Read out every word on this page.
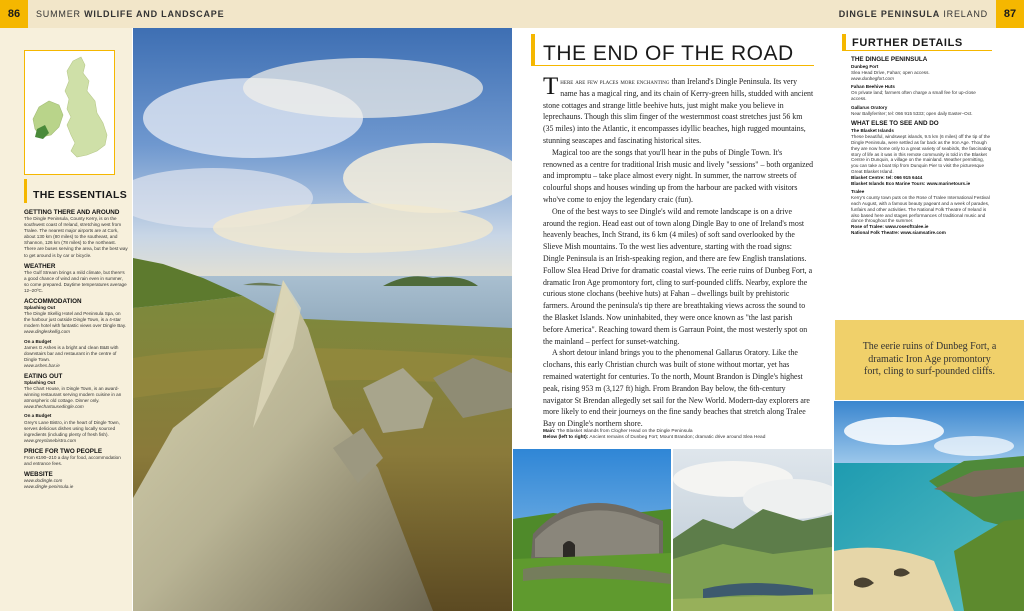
86	SUMMER WILDLIFE AND LANDSCAPE	DINGLE PENINSULA IRELAND	87
THE ESSENTIALS
GETTING THERE AND AROUND

The Dingle Peninsula, County Kerry, is on the southwest coast of Ireland, stretching west from Tralee. The nearest major airports are at Cork, about 130 km (80 miles) to the southeast, and Shannon, 126 km (78 miles) to the northeast. There are buses serving the area, but the best way to get around is by car or bicycle.

WEATHER

The Gulf Stream brings a mild climate, but there's a good chance of wind and rain even in summer, so come prepared. Daytime temperatures average 12–20ºC.

ACCOMMODATION
Splashing Out
The Dingle Skellig Hotel and Peninsula Spa, on the harbour just outside Dingle Town, is a 4-star modern hotel with fantastic views over Dingle Bay.

www.dingleskellig.com

On a Budget
James G Ashes is a bright and clean B&B with downstairs bar and restaurant in the centre of Dingle Town.

www.ashes.bar.ie

EATING OUT
Splashing Out
The Chart House, in Dingle Town, is an award-winning restaurant serving modern cuisine in an atmospheric old cottage. Dinner only.

www.thechartousedingle.com

On a Budget
Grey's Lane Bistro, in the heart of Dingle Town, serves delicious dishes using locally sourced ingredients (including plenty of fresh fish).

www.greyslanebistro.com

PRICE FOR TWO PEOPLE

From €190–210 a day for food, accommodation and entrance fees.

WEBSITE
www.dodingle.com
www.dingle-peninsula.ie
THE END OF THE ROAD

There are few places more enchanting than Ireland's Dingle Peninsula. Its very name has a magical ring, and its chain of Kerry-green hills, studded with ancient stone cottages and strange little beehive huts, just might make you believe in leprechauns. Though this slim finger of the westernmost coast stretches just 56 km (35 miles) into the Atlantic, it encompasses idyllic beaches, high rugged mountains, stunning seascapes and fascinating historical sites.

Magical too are the songs that you'll hear in the pubs of Dingle Town. It's renowned as a centre for traditional Irish music and lively "sessions" – both organized and impromptu – take place almost every night. In summer, the narrow streets of colourful shops and houses winding up from the harbour are packed with visitors who've come to enjoy the legendary craic (fun).

One of the best ways to see Dingle's wild and remote landscape is on a drive around the region. Head east out of town along Dingle Bay to one of Ireland's most heavenly beaches, Inch Strand, its 6 km (4 miles) of soft sand overlooked by the Slieve Mish mountains. To the west lies adventure, starting with the road signs: Dingle Peninsula is an Irish-speaking region, and there are few English translations. Follow Slea Head Drive for dramatic coastal views. The eerie ruins of Dunbeg Fort, a dramatic Iron Age promontory fort, cling to surf-pounded cliffs. Nearby, explore the curious stone clochans (beehive huts) at Fahan – dwellings built by prehistoric farmers. Around the peninsula's tip there are breathtaking views across the sound to the Blasket Islands. Now uninhabited, they were once known as "the last parish before America". Reaching toward them is Garraun Point, the most westerly spot on the mainland – perfect for sunset-watching.

A short detour inland brings you to the phenomenal Gallarus Oratory. Like the clochans, this early Christian church was built of stone without mortar, yet has remained watertight for centuries. To the north, Mount Brandon is Dingle's highest peak, rising 953 m (3,127 ft) high. From Brandon Bay below, the 6th-century navigator St Brendan allegedly set sail for the New World. Modern-day explorers are more likely to end their journeys on the fine sandy beaches that stretch along Tralee Bay on Dingle's northern shore.

Main: The Blasket Islands from Clogher Head on the Dingle Peninsula
Below (left to right): Ancient remains of Dunbeg Fort; Mount Brandon; dramatic drive around Slea Head
FURTHER DETAILS
THE DINGLE PENINSULA
Dunbeg Fort
Slea Head Drive, Fahan; open access.

www.dunbegfort.com

Fahan Beehive Huts

On private land; farmers often charge a small fee for up-close access.

Gallarus Oratory

Near Ballyferriter; tel: 066 915 5333; open daily Easter–Oct.

WHAT ELSE TO SEE AND DO
The Blasket Islands
These beautiful, windswept islands, 9.5 km (6 miles) off the tip of the Dingle Peninsula, were settled as far back as the Iron Age. Though they are now home only to a great variety of seabirds, the fascinating story of life as it was in this remote community is told in the Blasket Centre in Dunquin, a village on the mainland. Weather permitting, you can take a boat trip from Dunquin Pier to visit the picturesque Great Blasket Island.
Blasket Centre: tel: 066 915 6444

Blasket Islands Eco Marine Tours: www.marinetours.ie

Tralee
Kerry's county town puts on the Rose of Tralee International Festival each August, with a famous beauty pageant and a week of parades, funfairs and other activities. The National Folk Theatre of Ireland is also based here and stages performances of traditional music and dance throughout the summer.
Rose of Tralee: www.roseoftralee.ie
National Folk Theatre: www.siamsatire.com
The eerie ruins of Dunbeg Fort, a dramatic Iron Age promontory fort, cling to surf-pounded cliffs.
